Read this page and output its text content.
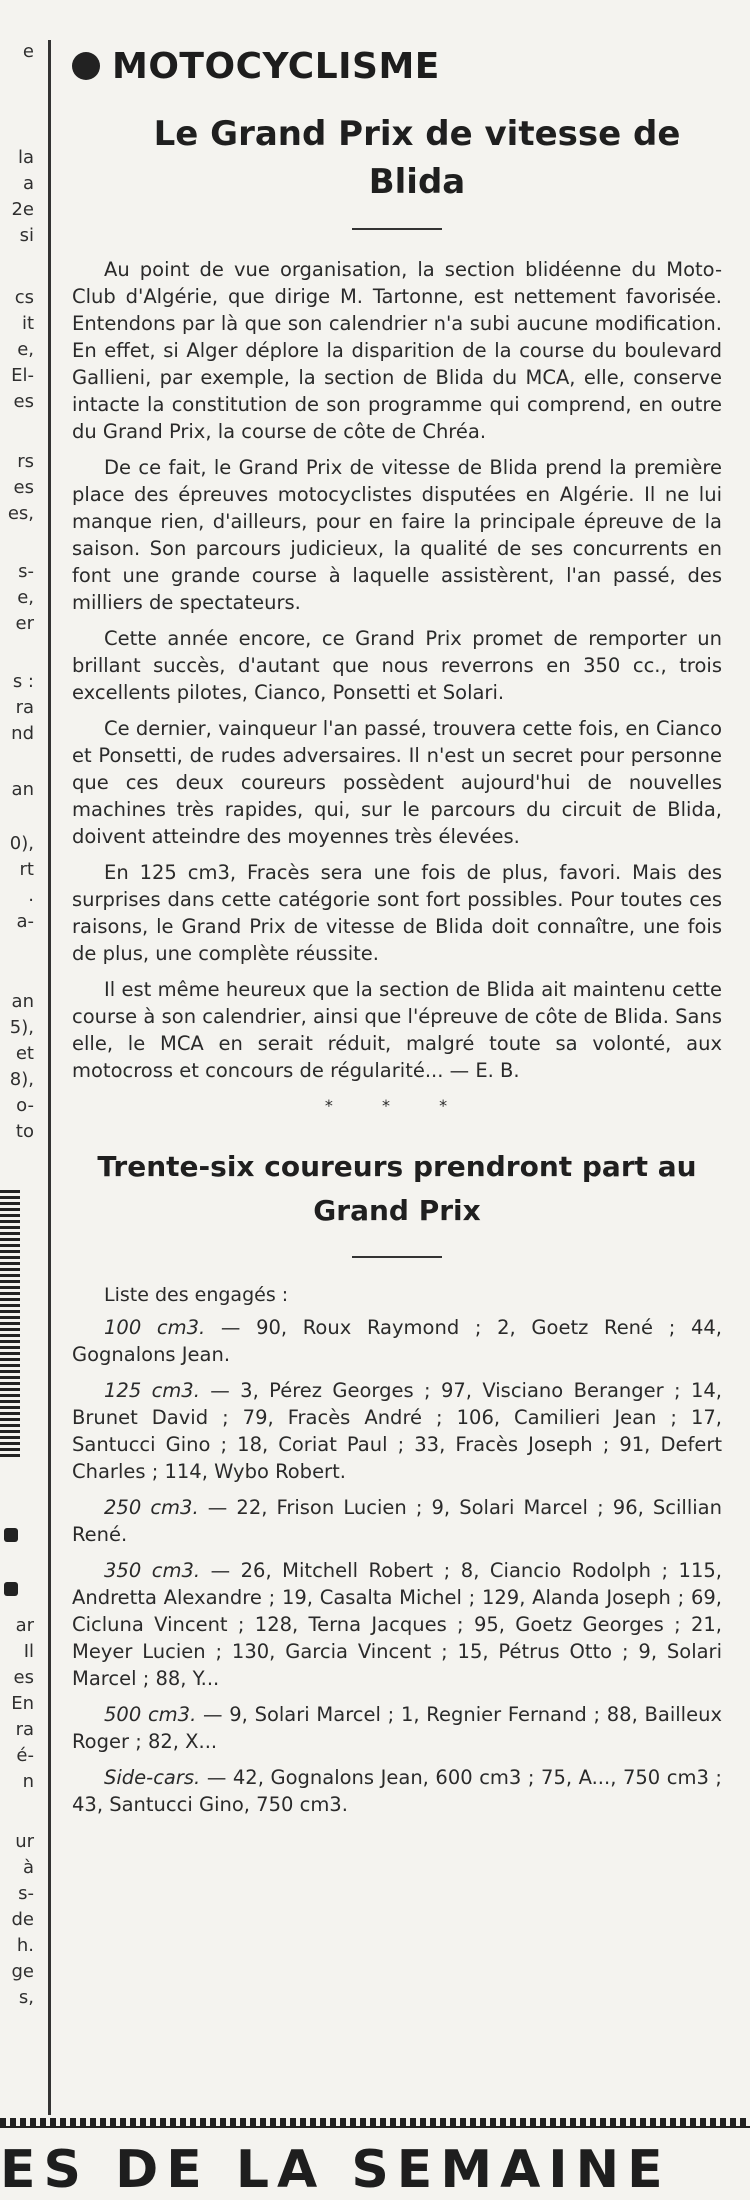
e
la
a
2e
si
cs
it
e,
El-
es
rs
es
es,
s-
e,
er
s :
ra
nd
an
0),
rt
.
a-
an
5),
et
8),
o-
to
ar
Il
es
En
ra
é-
n
ur
à
s-
de
h.
ge
s,
MOTOCYCLISME
Le Grand Prix de vitesse de Blida

Au point de vue organisation, la section blidéenne du Moto-Club d'Algérie, que dirige M. Tartonne, est nettement favorisée. Entendons par là que son calendrier n'a subi aucune modification. En effet, si Alger déplore la disparition de la course du boulevard Gallieni, par exemple, la section de Blida du MCA, elle, conserve intacte la constitution de son programme qui comprend, en outre du Grand Prix, la course de côte de Chréa.

De ce fait, le Grand Prix de vitesse de Blida prend la première place des épreuves motocyclistes disputées en Algérie. Il ne lui manque rien, d'ailleurs, pour en faire la principale épreuve de la saison. Son parcours judicieux, la qualité de ses concurrents en font une grande course à laquelle assistèrent, l'an passé, des milliers de spectateurs.

Cette année encore, ce Grand Prix promet de remporter un brillant succès, d'autant que nous reverrons en 350 cc., trois excellents pilotes, Cianco, Ponsetti et Solari.

Ce dernier, vainqueur l'an passé, trouvera cette fois, en Cianco et Ponsetti, de rudes adversaires. Il n'est un secret pour personne que ces deux coureurs possèdent aujourd'hui de nouvelles machines très rapides, qui, sur le parcours du circuit de Blida, doivent atteindre des moyennes très élevées.

En 125 cm3, Fracès sera une fois de plus, favori. Mais des surprises dans cette catégorie sont fort possibles. Pour toutes ces raisons, le Grand Prix de vitesse de Blida doit connaître, une fois de plus, une complète réussite.

Il est même heureux que la section de Blida ait maintenu cette course à son calendrier, ainsi que l'épreuve de côte de Blida. Sans elle, le MCA en serait réduit, malgré toute sa volonté, aux motocross et concours de régularité... — E. B.

* * *
Trente-six coureurs prendront part au Grand Prix

Liste des engagés :

100 cm3. — 90, Roux Raymond ; 2, Goetz René ; 44, Gognalons Jean.

125 cm3. — 3, Pérez Georges ; 97, Visciano Beranger ; 14, Brunet David ; 79, Fracès André ; 106, Camilieri Jean ; 17, Santucci Gino ; 18, Coriat Paul ; 33, Fracès Joseph ; 91, Defert Charles ; 114, Wybo Robert.

250 cm3. — 22, Frison Lucien ; 9, Solari Marcel ; 96, Scillian René.

350 cm3. — 26, Mitchell Robert ; 8, Ciancio Rodolph ; 115, Andretta Alexandre ; 19, Casalta Michel ; 129, Alanda Joseph ; 69, Cicluna Vincent ; 128, Terna Jacques ; 95, Goetz Georges ; 21, Meyer Lucien ; 130, Garcia Vincent ; 15, Pétrus Otto ; 9, Solari Marcel ; 88, Y...

500 cm3. — 9, Solari Marcel ; 1, Regnier Fernand ; 88, Bailleux Roger ; 82, X...

Side-cars. — 42, Gognalons Jean, 600 cm3 ; 75, A..., 750 cm3 ; 43, Santucci Gino, 750 cm3.

ES DE LA SEMAINE
